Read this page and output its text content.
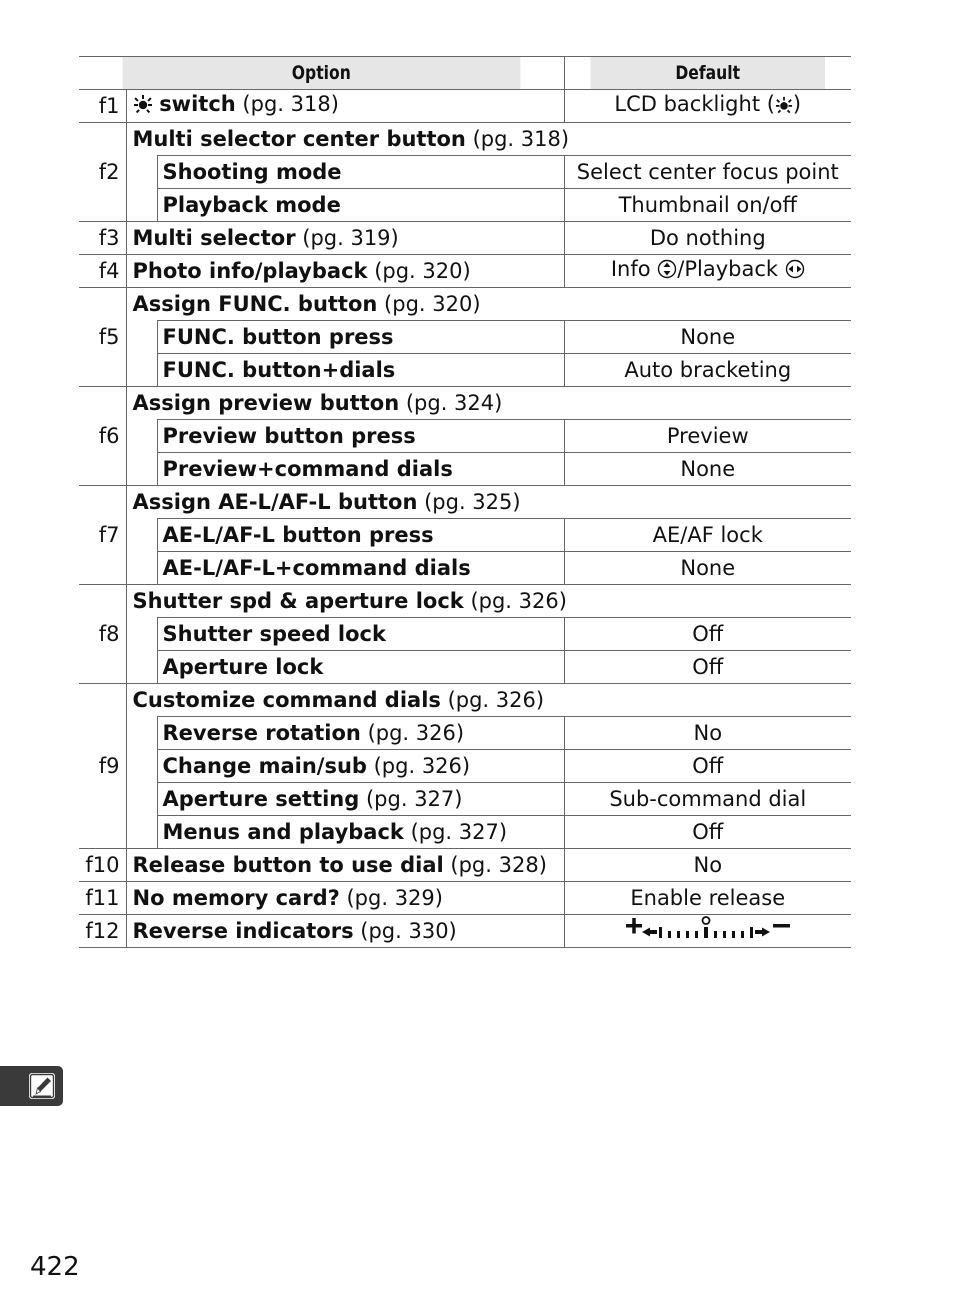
Option			Default
f1	switch (pg. 318)		LCD backlight ( )
f2	Multi selector center button (pg. 318)		
		Shooting mode	Select center focus point
		Playback mode	Thumbnail on/off
f3	Multi selector (pg. 319)		Do nothing
f4	Photo info/playback (pg. 320)		Info /Playback
f5	Assign FUNC. button (pg. 320)		
		FUNC. button press	None
		FUNC. button+dials	Auto bracketing
f6	Assign preview button (pg. 324)		
		Preview button press	Preview
		Preview+command dials	None
f7	Assign AE-L/AF-L button (pg. 325)		
		AE-L/AF-L button press	AE/AF lock
		AE-L/AF-L+command dials	None
f8	Shutter spd & aperture lock (pg. 326)		
		Shutter speed lock	Off
		Aperture lock	Off
f9	Customize command dials (pg. 326)		
		Reverse rotation (pg. 326)	No
		Change main/sub (pg. 326)	Off
		Aperture setting (pg. 327)	Sub-command dial
		Menus and playback (pg. 327)	Off
f10	Release button to use dial (pg. 328)		No
f11	No memory card? (pg. 329)		Enable release
f12	Reverse indicators (pg. 330)	
422
